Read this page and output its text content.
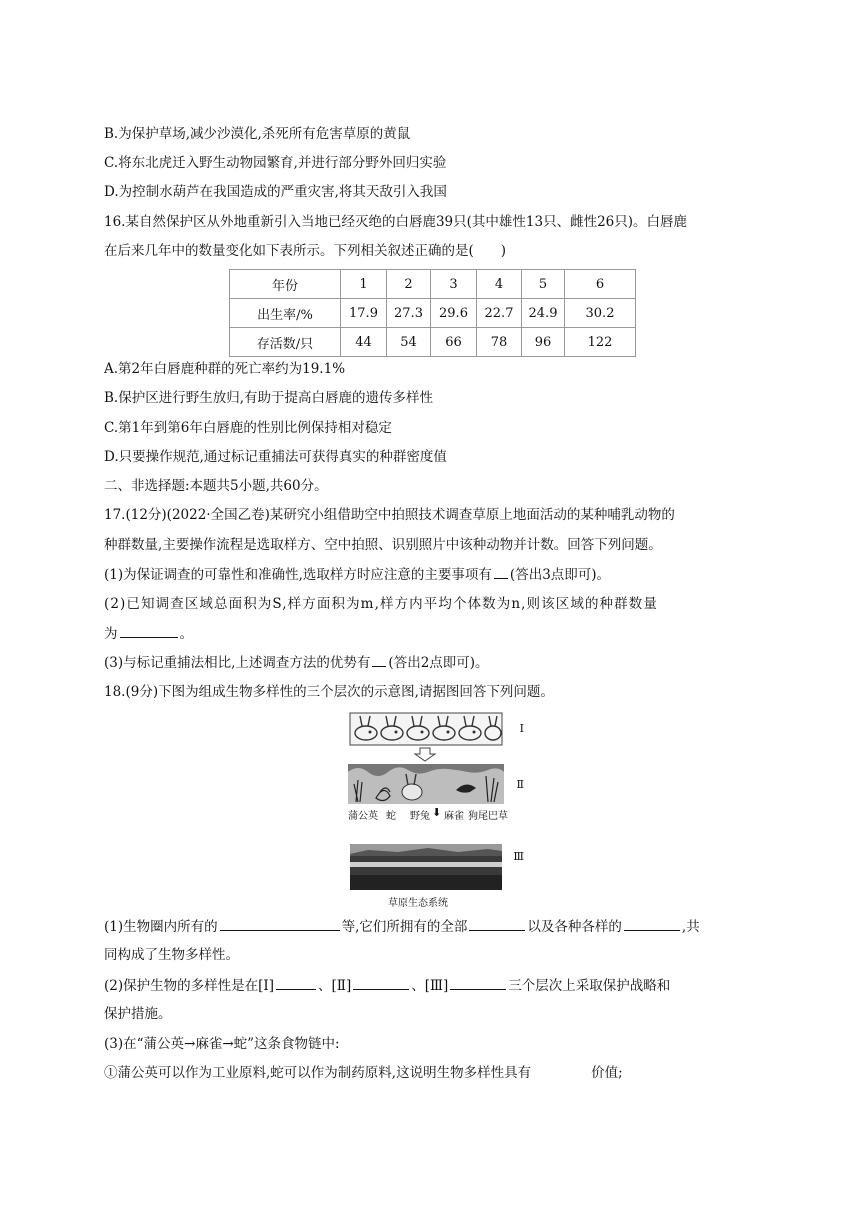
B.为保护草场,减少沙漠化,杀死所有危害草原的黄鼠
C.将东北虎迁入野生动物园繁育,并进行部分野外回归实验
D.为控制水葫芦在我国造成的严重灾害,将其天敌引入我国
16.某自然保护区从外地重新引入当地已经灭绝的白唇鹿39只(其中雄性13只、雌性26只)。白唇鹿
在后来几年中的数量变化如下表所示。下列相关叙述正确的是(　　)
年份	1	2	3	4	5	6
出生率/%	17.9	27.3	29.6	22.7	24.9	30.2
存活数/只	44	54	66	78	96	122
A.第2年白唇鹿种群的死亡率约为19.1%
B.保护区进行野生放归,有助于提高白唇鹿的遗传多样性
C.第1年到第6年白唇鹿的性别比例保持相对稳定
D.只要操作规范,通过标记重捕法可获得真实的种群密度值
二、非选择题:本题共5小题,共60分。
17.(12分)(2022·全国乙卷)某研究小组借助空中拍照技术调查草原上地面活动的某种哺乳动物的
种群数量,主要操作流程是选取样方、空中拍照、识别照片中该种动物并计数。回答下列问题。
(1)为保证调查的可靠性和准确性,选取样方时应注意的主要事项有 (答出3点即可)。
(2)已知调查区域总面积为S,样方面积为m,样方内平均个体数为n,则该区域的种群数量
为	。
(3)与标记重捕法相比,上述调查方法的优势有 (答出2点即可)。
18.(9分)下图为组成生物多样性的三个层次的示意图,请据图回答下列问题。
蒲公英 蛇 野兔 ⬇ 麻雀 狗尾巴草
Ⅰ
Ⅱ
Ⅲ
草原生态系统
(1)生物圈内所有的	等,它们所拥有的全部	以及各种各样的	,共
同构成了生物多样性。
(2)保护生物的多样性是在[Ⅰ]	、[Ⅱ]	、[Ⅲ]	三个层次上采取保护战略和
保护措施。
(3)在“蒲公英→麻雀→蛇”这条食物链中:
①蒲公英可以作为工业原料,蛇可以作为制药原料,这说明生物多样性具有	价值;
